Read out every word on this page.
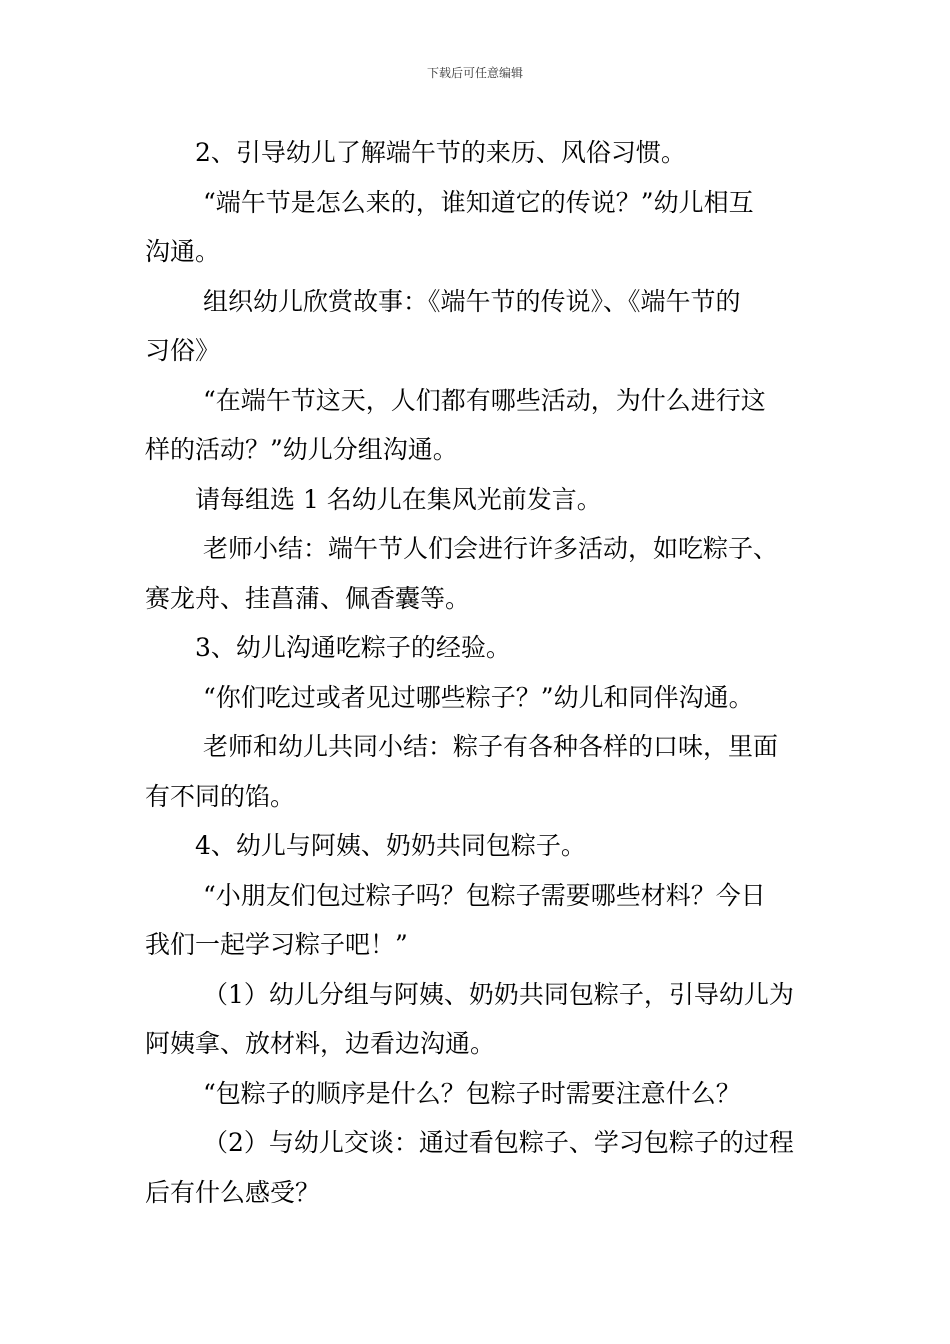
下载后可任意编辑

2、引导幼儿了解端午节的来历、风俗习惯。

“端午节是怎么来的，谁知道它的传说？”幼儿相互

沟通。

组织幼儿欣赏故事：《端午节的传说》、《端午节的

习俗》

“在端午节这天，人们都有哪些活动，为什么进行这

样的活动？”幼儿分组沟通。

请每组选 1 名幼儿在集风光前发言。

老师小结：端午节人们会进行许多活动，如吃粽子、

赛龙舟、挂菖蒲、佩香囊等。

3、幼儿沟通吃粽子的经验。

“你们吃过或者见过哪些粽子？”幼儿和同伴沟通。

老师和幼儿共同小结：粽子有各种各样的口味，里面

有不同的馅。

4、幼儿与阿姨、奶奶共同包粽子。

“小朋友们包过粽子吗？包粽子需要哪些材料？今日

我们一起学习粽子吧！”

（1）幼儿分组与阿姨、奶奶共同包粽子，引导幼儿为

阿姨拿、放材料，边看边沟通。

“包粽子的顺序是什么？包粽子时需要注意什么？

（2）与幼儿交谈：通过看包粽子、学习包粽子的过程

后有什么感受？
